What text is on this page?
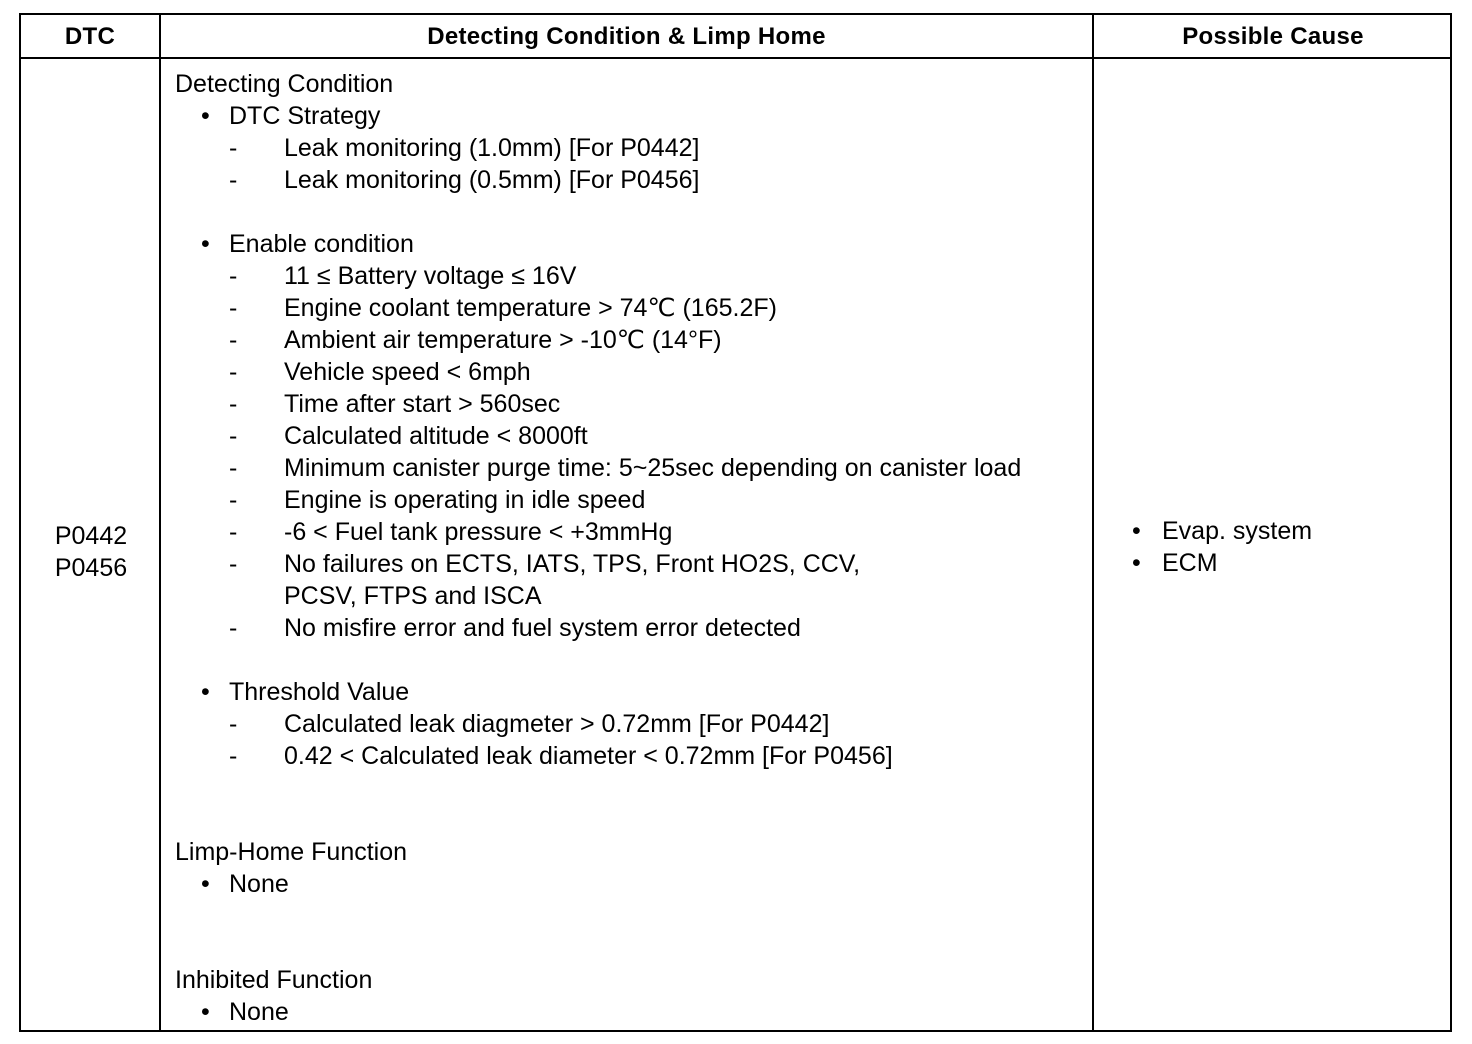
DTC	Detecting Condition & Limp Home	Possible Cause
P0442
P0456
Detecting Condition
• DTC Strategy
- Leak monitoring (1.0mm) [For P0442]
- Leak monitoring (0.5mm) [For P0456]
• Enable condition
- 11 ≤ Battery voltage ≤ 16V
- Engine coolant temperature > 74℃ (165.2F)
- Ambient air temperature > -10℃ (14°F)
- Vehicle speed < 6mph
- Time after start > 560sec
- Calculated altitude < 8000ft
- Minimum canister purge time: 5~25sec depending on canister load
- Engine is operating in idle speed
- -6 < Fuel tank pressure < +3mmHg
- No failures on ECTS, IATS, TPS, Front HO2S, CCV,
PCSV, FTPS and ISCA
- No misfire error and fuel system error detected
• Threshold Value
- Calculated leak diagmeter > 0.72mm [For P0442]
- 0.42 < Calculated leak diameter < 0.72mm [For P0456]
Limp-Home Function
• None
Inhibited Function
• None
• Evap. system
• ECM
